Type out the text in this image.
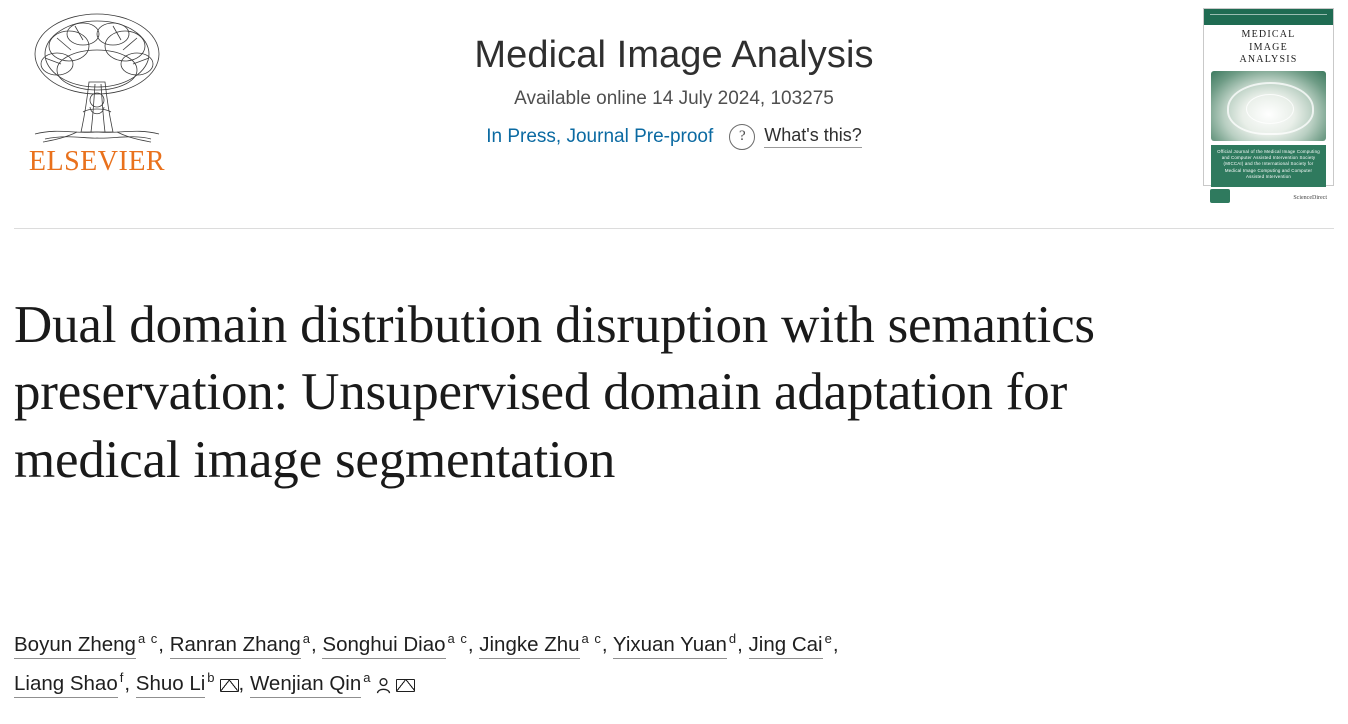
ELSEVIER
Medical Image Analysis
Available online 14 July 2024, 103275
In Press, Journal Pre-proof	?	What's this?
MEDICAL
IMAGE
ANALYSIS
Official Journal of the Medical Image Computing and Computer Assisted Intervention Society (MICCAI) and the International Society for Medical Image Computing and Computer Assisted Intervention
ScienceDirect
Dual domain distribution disruption with semantics preservation: Unsupervised domain adaptation for medical image segmentation
Boyun Zheng $^{a c}$, Ranran Zhang $^a$, Songhui Diao $^{a c}$, Jingke Zhu $^{a c}$, Yixuan Yuan $^d$, Jing Cai $^e$,
Liang Shao $^f$, Shuo Li $^b$ , Wenjian Qin $^a$
